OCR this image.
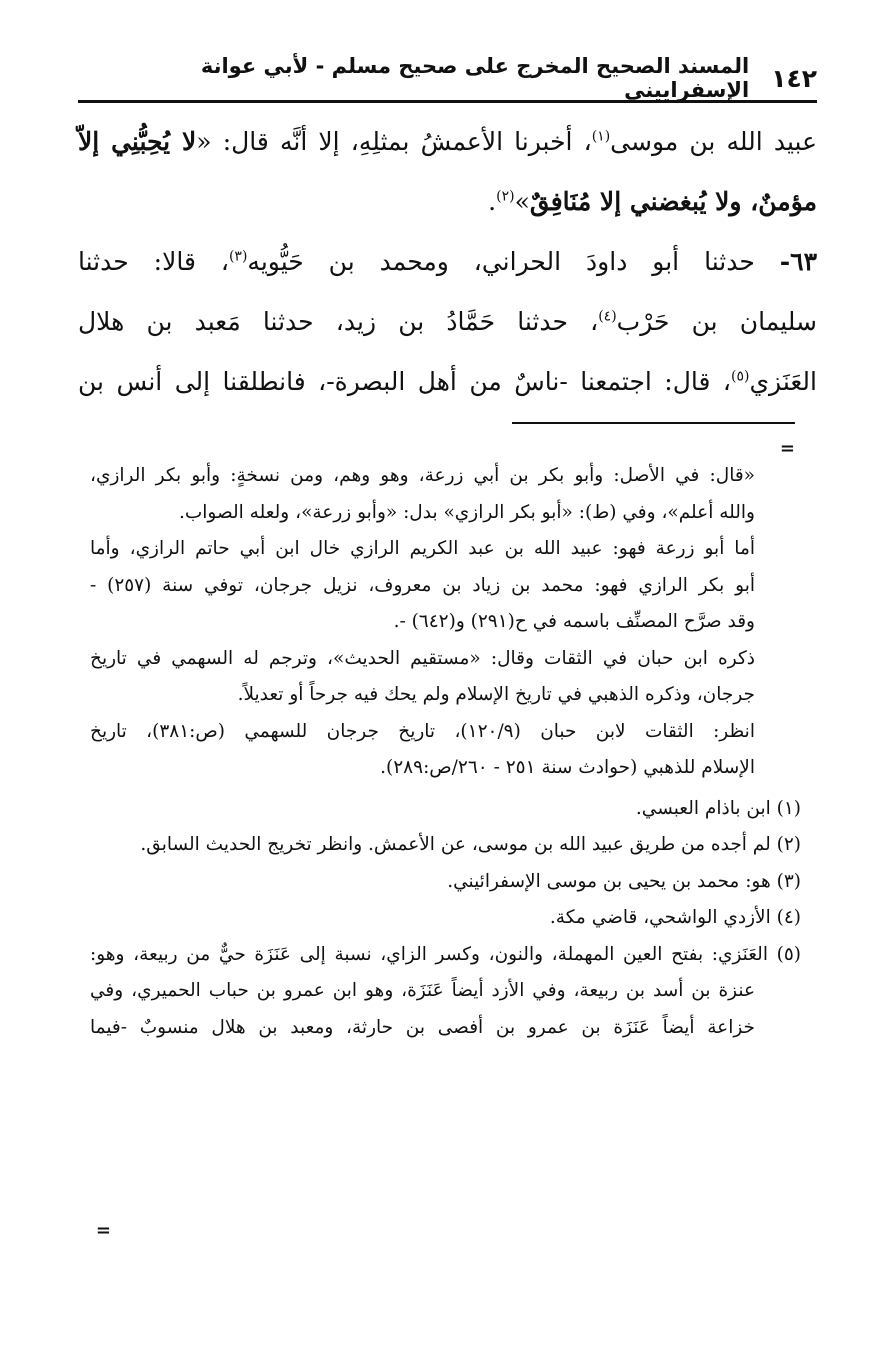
١٤٢
المسند الصحيح المخرج على صحيح مسلم - لأبي عوانة الإسفراييني
عبيد الله بن موسى$^{(١)}$، أخبرنا الأعمشُ بمثلِهِ، إلا أنَّه قال: «لا يُحِبُّنِي إلاّ
مؤمنٌ، ولا يُبغضني إلا مُنَافِقٌ»$^{(٢)}$.
٦٣- حدثنا أبو داودَ الحراني، ومحمد بن حَيُّويه$^{(٣)}$، قالا: حدثنا
سليمان بن حَرْب$^{(٤)}$، حدثنا حَمَّادُ بن زيد، حدثنا مَعبد بن هلال
العَنَزي$^{(٥)}$، قال: اجتمعنا -ناسٌ من أهل البصرة-، فانطلقنا إلى أنس بن
=
«قال: في الأصل: وأبو بكر بن أبي زرعة، وهو وهم، ومن نسخةٍ: وأبو بكر الرازي،
والله أعلم»، وفي (ط): «أبو بكر الرازي» بدل: «وأبو زرعة»، ولعله الصواب.
أما أبو زرعة فهو: عبيد الله بن عبد الكريم الرازي خال ابن أبي حاتم الرازي، وأما
أبو بكر الرازي فهو: محمد بن زياد بن معروف، نزيل جرجان، توفي سنة (٢٥٧) -
وقد صرَّح المصنِّف باسمه في ح(٢٩١) و(٦٤٢) -.
ذكره ابن حبان في الثقات وقال: «مستقيم الحديث»، وترجم له السهمي في تاريخ
جرجان، وذكره الذهبي في تاريخ الإسلام ولم يحك فيه جرحاً أو تعديلاً.
انظر: الثقات لابن حبان (١٢٠/٩)، تاريخ جرجان للسهمي (ص:٣٨١)، تاريخ
الإسلام للذهبي (حوادث سنة ٢٥١ - ٢٦٠/ص:٢٨٩).
(١) ابن باذام العبسي.
(٢) لم أجده من طريق عبيد الله بن موسى، عن الأعمش. وانظر تخريج الحديث السابق.
(٣) هو: محمد بن يحيى بن موسى الإسفرائيني.
(٤) الأزدي الواشحي، قاضي مكة.
(٥) العَنَزي: بفتح العين المهملة، والنون، وكسر الزاي، نسبة إلى عَنَزَة حيٌّ من ربيعة، وهو:
عنزة بن أسد بن ربيعة، وفي الأزد أيضاً عَنَزَة، وهو ابن عمرو بن حباب الحميري، وفي
خزاعة أيضاً عَنَزَة بن عمرو بن أفصى بن حارثة، ومعبد بن هلال منسوبٌ -فيما
=
